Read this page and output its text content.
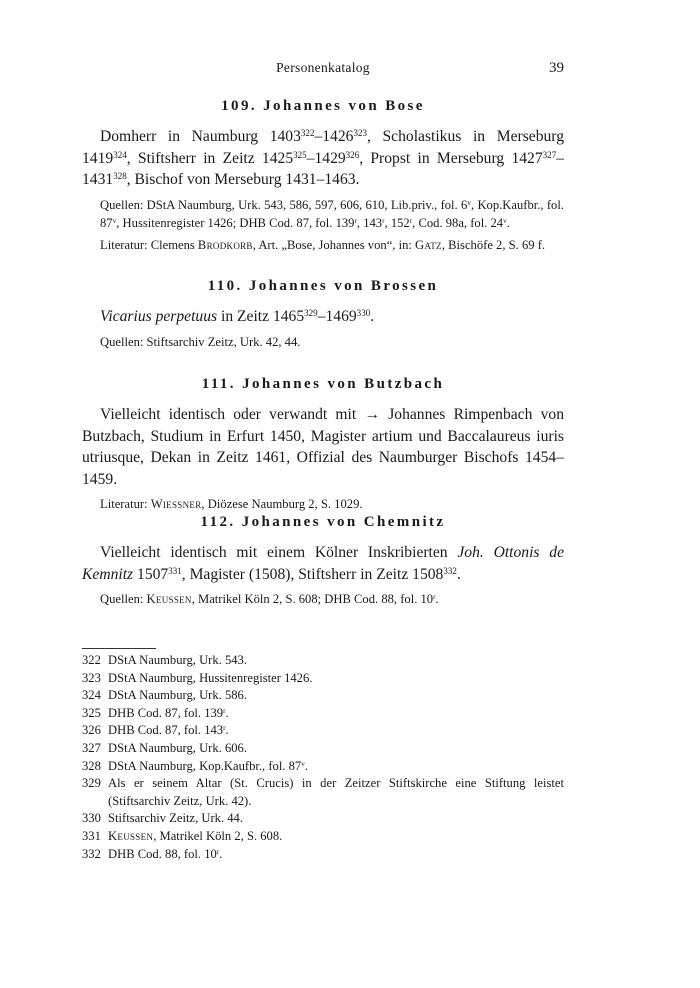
Personenkatalog	39
109. Johannes von Bose

Domherr in Naumburg 1403$^{322}$–1426$^{323}$, Scholastikus in Merseburg 1419$^{324}$, Stiftsherr in Zeitz 1425$^{325}$–1429$^{326}$, Propst in Merseburg 1427$^{327}$–1431$^{328}$, Bischof von Merseburg 1431–1463.

Quellen: DStA Naumburg, Urk. 543, 586, 597, 606, 610, Lib.priv., fol. 6$^v$, Kop.Kaufbr., fol. 87$^v$, Hussitenregister 1426; DHB Cod. 87, fol. 139$^r$, 143$^r$, 152$^r$, Cod. 98a, fol. 24$^v$.

Literatur: Clemens Brodkorb, Art. „Bose, Johannes von“, in: Gatz, Bischöfe 2, S. 69 f.

110. Johannes von Brossen

Vicarius perpetuus in Zeitz 1465$^{329}$–1469$^{330}$.

Quellen: Stiftsarchiv Zeitz, Urk. 42, 44.

111. Johannes von Butzbach

Vielleicht identisch oder verwandt mit → Johannes Rimpenbach von Butzbach, Studium in Erfurt 1450, Magister artium und Baccalaureus iuris utriusque, Dekan in Zeitz 1461, Offizial des Naumburger Bischofs 1454–1459.

Literatur: Wiessner, Diözese Naumburg 2, S. 1029.

112. Johannes von Chemnitz

Vielleicht identisch mit einem Kölner Inskribierten Joh. Ottonis de Kemnitz 1507$^{331}$, Magister (1508), Stiftsherr in Zeitz 1508$^{332}$.

Quellen: Keussen, Matrikel Köln 2, S. 608; DHB Cod. 88, fol. 10$^r$.

322 DStA Naumburg, Urk. 543.
323 DStA Naumburg, Hussitenregister 1426.
324 DStA Naumburg, Urk. 586.
325 DHB Cod. 87, fol. 139$^r$.
326 DHB Cod. 87, fol. 143$^r$.
327 DStA Naumburg, Urk. 606.
328 DStA Naumburg, Kop.Kaufbr., fol. 87$^v$.
329 Als er seinem Altar (St. Crucis) in der Zeitzer Stiftskirche eine Stiftung leistet (Stiftsarchiv Zeitz, Urk. 42).
330 Stiftsarchiv Zeitz, Urk. 44.
331 Keussen, Matrikel Köln 2, S. 608.
332 DHB Cod. 88, fol. 10$^r$.
